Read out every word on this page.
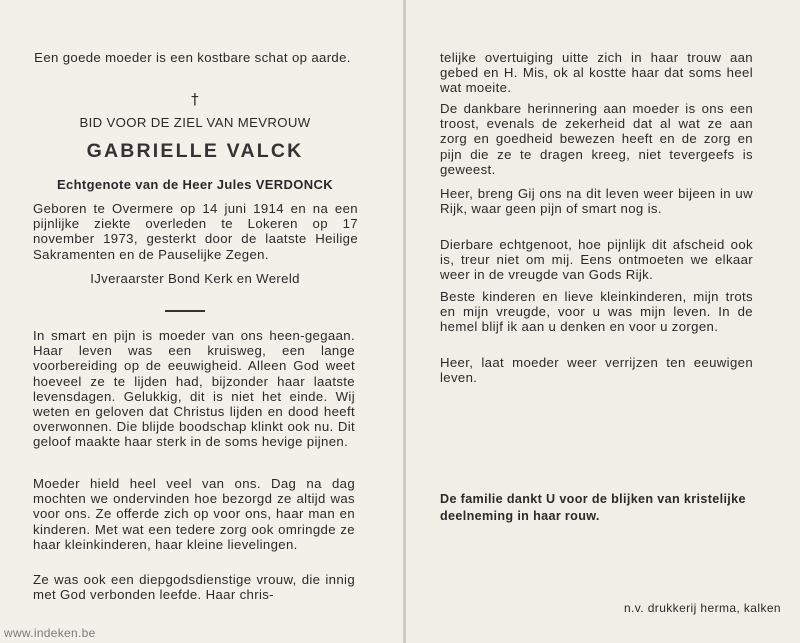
Een goede moeder is een kostbare schat op aarde.

†

BID VOOR DE ZIEL VAN MEVROUW

GABRIELLE VALCK

Echtgenote van de Heer Jules VERDONCK

Geboren te Overmere op 14 juni 1914 en na een pijnlijke ziekte overleden te Lokeren op 17 november 1973, gesterkt door de laatste Heilige Sakramenten en de Pauselijke Zegen.

IJveraarster Bond Kerk en Wereld

In smart en pijn is moeder van ons heen-gegaan. Haar leven was een kruisweg, een lange voorbereiding op de eeuwigheid. Alleen God weet hoeveel ze te lijden had, bijzonder haar laatste levensdagen. Gelukkig, dit is niet het einde. Wij weten en geloven dat Christus lijden en dood heeft overwonnen. Die blijde boodschap klinkt ook nu. Dit geloof maakte haar sterk in de soms hevige pijnen.

Moeder hield heel veel van ons. Dag na dag mochten we ondervinden hoe bezorgd ze altijd was voor ons. Ze offerde zich op voor ons, haar man en kinderen. Met wat een tedere zorg ook omringde ze haar kleinkinderen, haar kleine lievelingen.

Ze was ook een diepgodsdienstige vrouw, die innig met God verbonden leefde. Haar chris-

telijke overtuiging uitte zich in haar trouw aan gebed en H. Mis, ok al kostte haar dat soms heel wat moeite.

De dankbare herinnering aan moeder is ons een troost, evenals de zekerheid dat al wat ze aan zorg en goedheid bewezen heeft en de zorg en pijn die ze te dragen kreeg, niet tevergeefs is geweest.

Heer, breng Gij ons na dit leven weer bijeen in uw Rijk, waar geen pijn of smart nog is.

Dierbare echtgenoot, hoe pijnlijk dit afscheid ook is, treur niet om mij. Eens ontmoeten we elkaar weer in de vreugde van Gods Rijk.

Beste kinderen en lieve kleinkinderen, mijn trots en mijn vreugde, voor u was mijn leven. In de hemel blijf ik aan u denken en voor u zorgen.

Heer, laat moeder weer verrijzen ten eeuwigen leven.

De familie dankt U voor de blijken van kristelijke deelneming in haar rouw.

n.v. drukkerij herma, kalken

www.indeken.be
